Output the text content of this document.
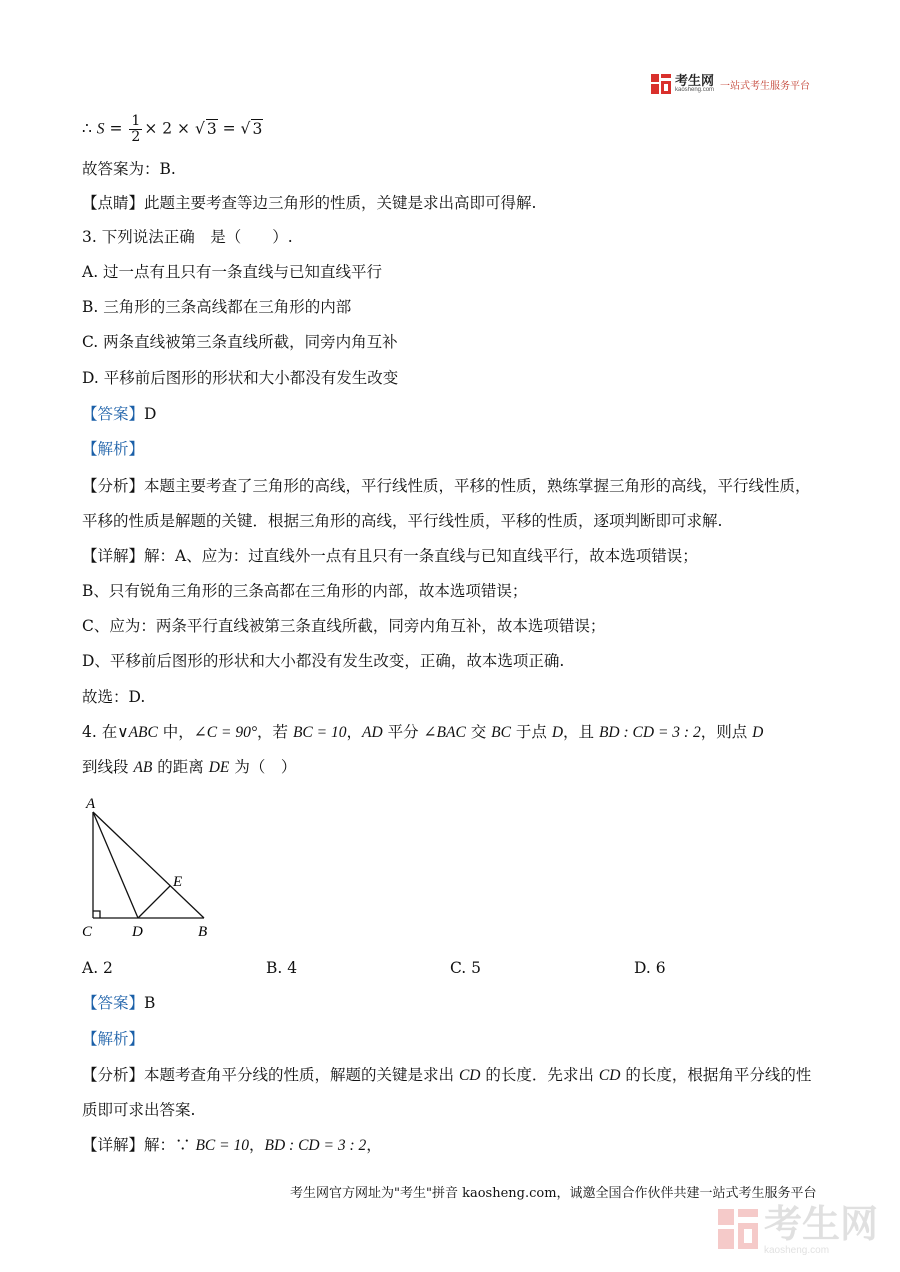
考生网
kaosheng.com 一站式考生服务平台
∴ $S = \frac{1}{2} \times 2$ × √ 3 = √ 3
故答案为：B.
【点睛】此题主要考查等边三角形的性质，关键是求出高即可得解.
3. 下列说法正确　是（　　）.
A. 过一点有且只有一条直线与已知直线平行
B. 三角形的三条高线都在三角形的内部
C. 两条直线被第三条直线所截，同旁内角互补
D. 平移前后图形的形状和大小都没有发生改变
【答案】D
【解析】
【分析】本题主要考查了三角形的高线，平行线性质，平移的性质，熟练掌握三角形的高线，平行线性质，
平移的性质是解题的关键．根据三角形的高线，平行线性质，平移的性质，逐项判断即可求解.
【详解】解：A、应为：过直线外一点有且只有一条直线与已知直线平行，故本选项错误；
B、只有锐角三角形的三条高都在三角形的内部，故本选项错误；
C、应为：两条平行直线被第三条直线所截，同旁内角互补，故本选项错误；
D、平移前后图形的形状和大小都没有发生改变，正确，故本选项正确.
故选：D.
4. 在∨ABC 中，∠C = 90°，若 BC = 10，AD 平分 ∠BAC 交 BC 于点 D，且 BD : CD = 3 : 2，则点 D
到线段 AB 的距离 DE 为（　）
A
C	D	B
E
A. 2	B. 4	C. 5	D. 6
【答案】B
【解析】
【分析】本题考查角平分线的性质，解题的关键是求出 CD 的长度．先求出 CD 的长度，根据角平分线的性
质即可求出答案.
【详解】解：∵ BC = 10，BD : CD = 3 : 2，
考生网官方网址为"考生"拼音 kaosheng.com，诚邀全国合作伙伴共建一站式考生服务平台
考生网
kaosheng.com
